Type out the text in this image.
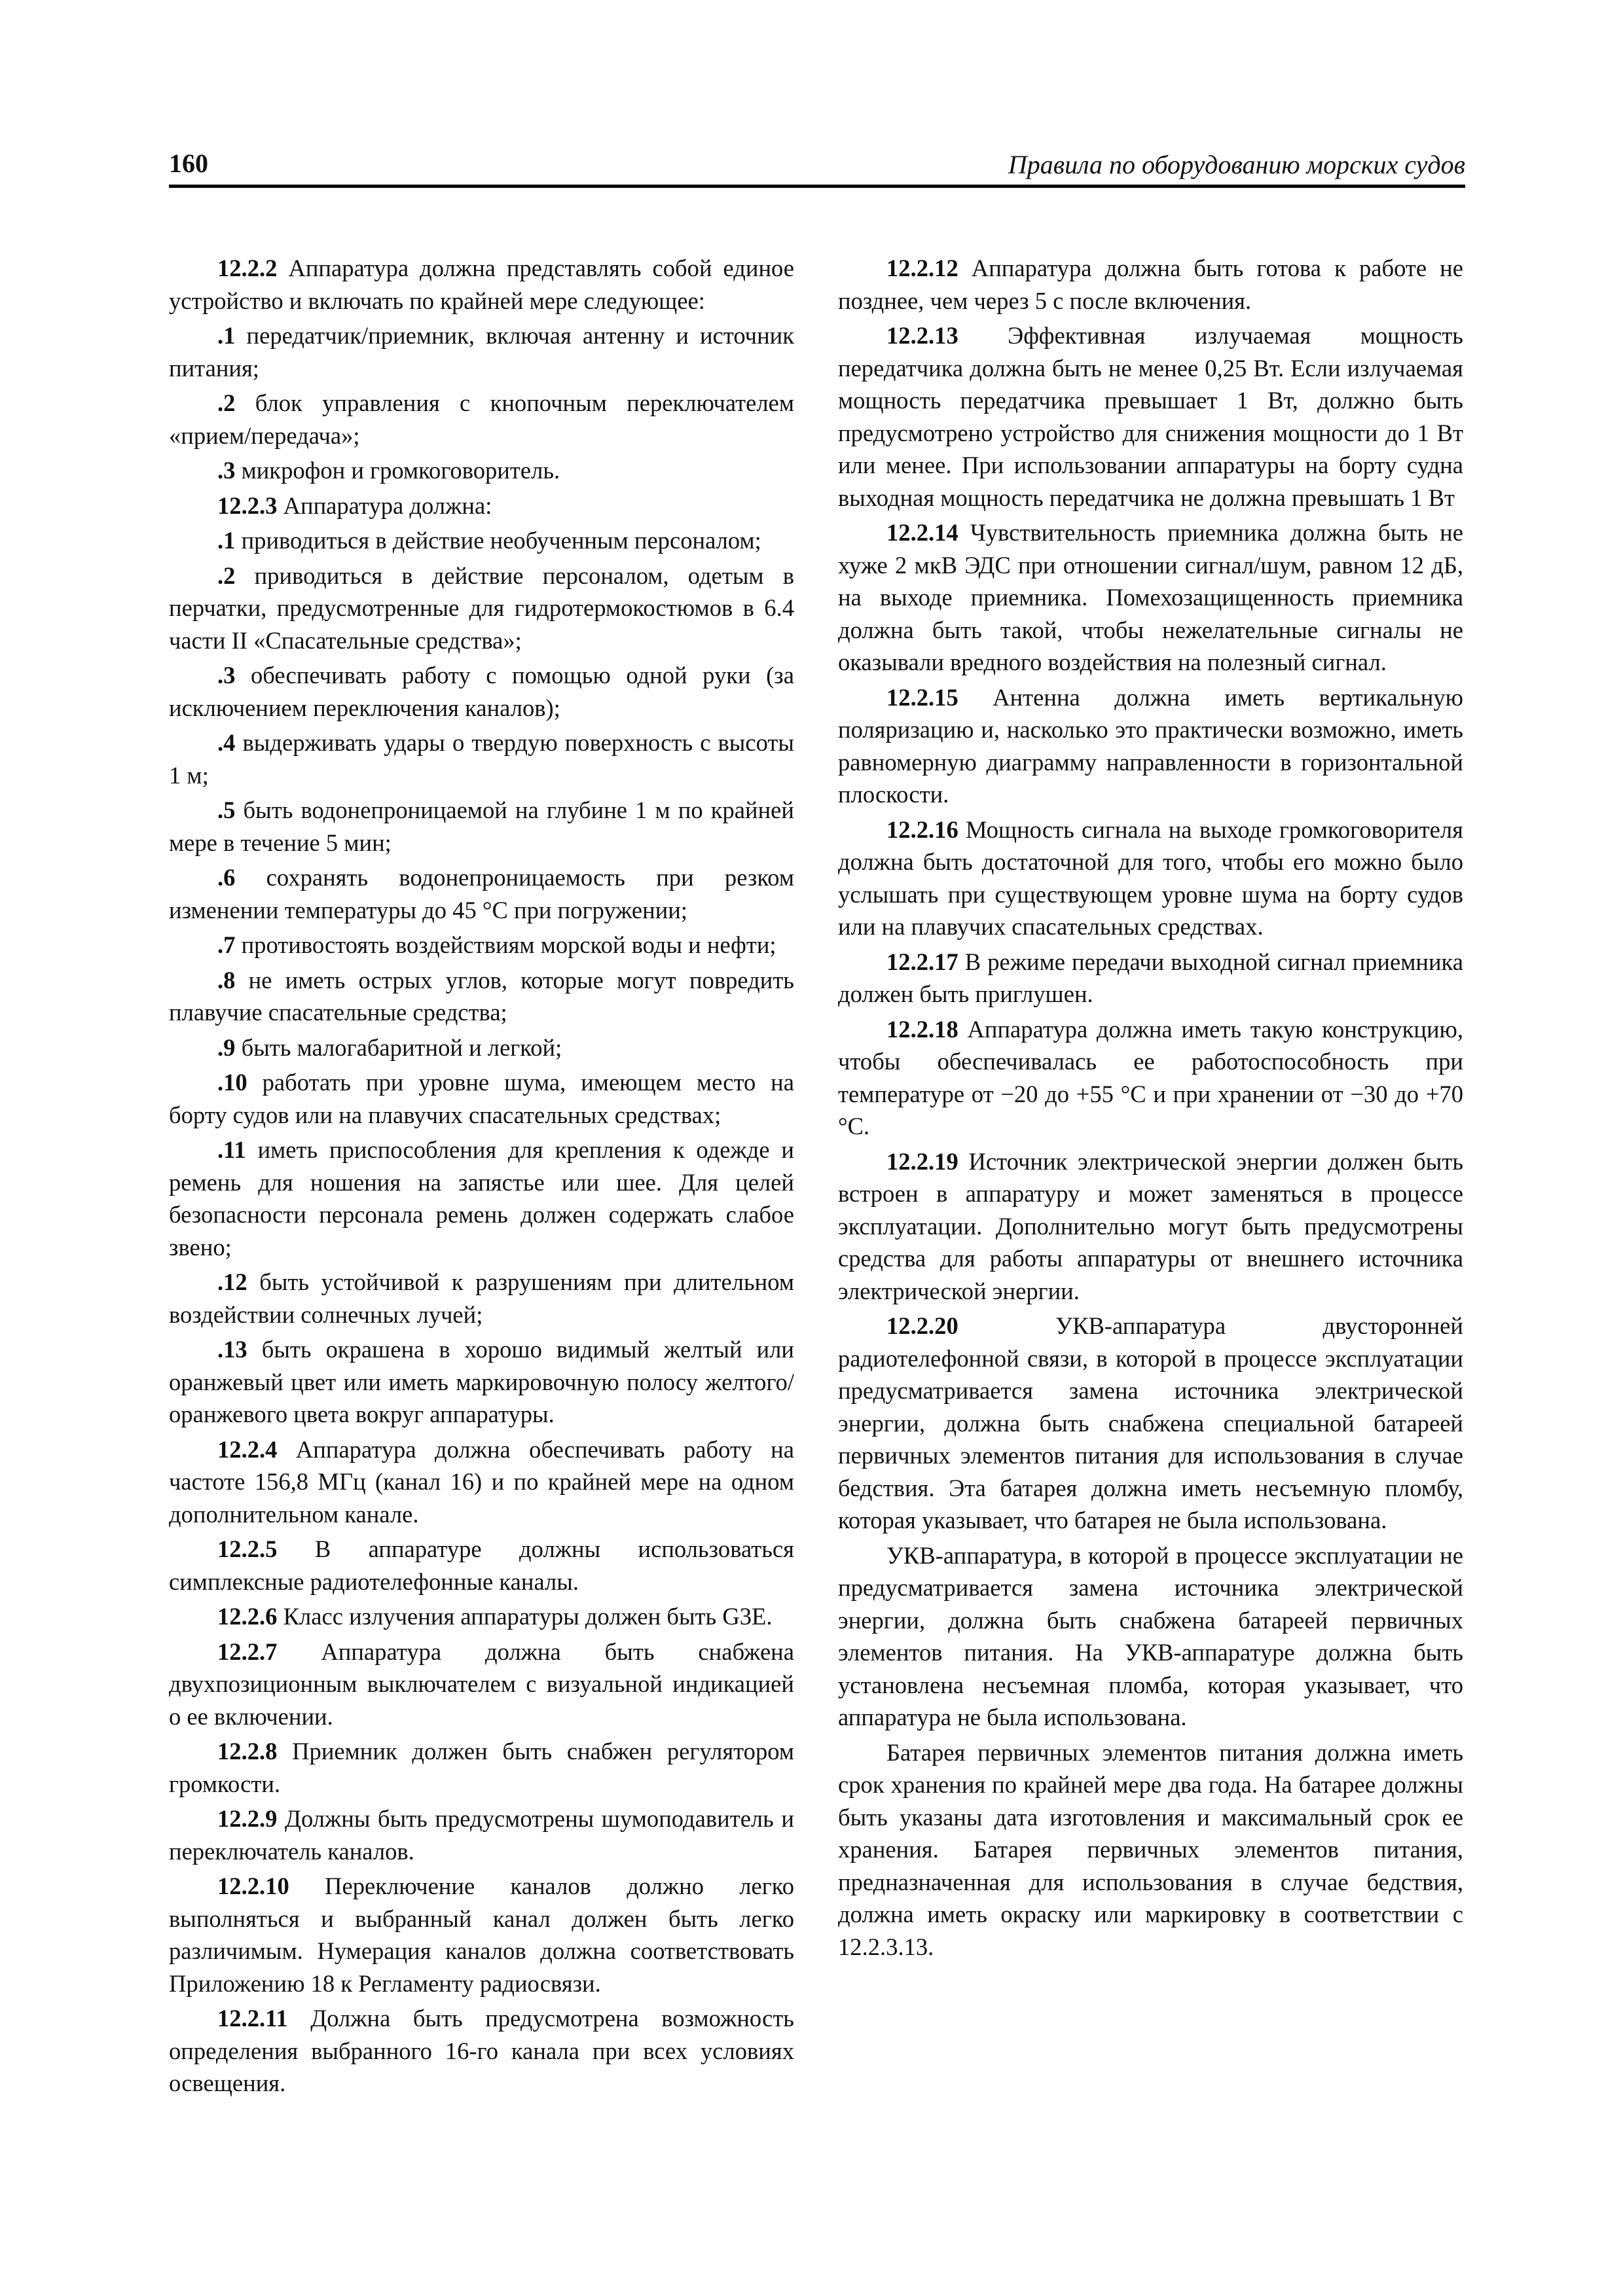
160	Правила по оборудованию морских судов

12.2.2 Аппаратура должна представлять собой единое устройство и включать по крайней мере следующее:

.1 передатчик/приемник, включая антенну и источник питания;

.2 блок управления с кнопочным переключателем «прием/передача»;

.3 микрофон и громкоговоритель.

12.2.3 Аппаратура должна:

.1 приводиться в действие необученным персоналом;

.2 приводиться в действие персоналом, одетым в перчатки, предусмотренные для гидротермокостюмов в 6.4 части II «Спасательные средства»;

.3 обеспечивать работу с помощью одной руки (за исключением переключения каналов);

.4 выдерживать удары о твердую поверхность с высоты 1 м;

.5 быть водонепроницаемой на глубине 1 м по крайней мере в течение 5 мин;

.6 сохранять водонепроницаемость при резком изменении температуры до 45 °С при погружении;

.7 противостоять воздействиям морской воды и нефти;

.8 не иметь острых углов, которые могут повредить плавучие спасательные средства;

.9 быть малогабаритной и легкой;

.10 работать при уровне шума, имеющем место на борту судов или на плавучих спасательных средствах;

.11 иметь приспособления для крепления к одежде и ремень для ношения на запястье или шее. Для целей безопасности персонала ремень должен содержать слабое звено;

.12 быть устойчивой к разрушениям при длительном воздействии солнечных лучей;

.13 быть окрашена в хорошо видимый желтый или оранжевый цвет или иметь маркировочную полосу желтого/оранжевого цвета вокруг аппаратуры.

12.2.4 Аппаратура должна обеспечивать работу на частоте 156,8 МГц (канал 16) и по крайней мере на одном дополнительном канале.

12.2.5 В аппаратуре должны использоваться симплексные радиотелефонные каналы.

12.2.6 Класс излучения аппаратуры должен быть G3E.

12.2.7 Аппаратура должна быть снабжена двухпозиционным выключателем с визуальной индикацией о ее включении.

12.2.8 Приемник должен быть снабжен регулятором громкости.

12.2.9 Должны быть предусмотрены шумоподавитель и переключатель каналов.

12.2.10 Переключение каналов должно легко выполняться и выбранный канал должен быть легко различимым. Нумерация каналов должна соответствовать Приложению 18 к Регламенту радиосвязи.

12.2.11 Должна быть предусмотрена возможность определения выбранного 16-го канала при всех условиях освещения.

12.2.12 Аппаратура должна быть готова к работе не позднее, чем через 5 с после включения.

12.2.13 Эффективная излучаемая мощность передатчика должна быть не менее 0,25 Вт. Если излучаемая мощность передатчика превышает 1 Вт, должно быть предусмотрено устройство для снижения мощности до 1 Вт или менее. При использовании аппаратуры на борту судна выходная мощность передатчика не должна превышать 1 Вт

12.2.14 Чувствительность приемника должна быть не хуже 2 мкВ ЭДС при отношении сигнал/шум, равном 12 дБ, на выходе приемника. Помехозащищенность приемника должна быть такой, чтобы нежелательные сигналы не оказывали вредного воздействия на полезный сигнал.

12.2.15 Антенна должна иметь вертикальную поляризацию и, насколько это практически возможно, иметь равномерную диаграмму направленности в горизонтальной плоскости.

12.2.16 Мощность сигнала на выходе громкоговорителя должна быть достаточной для того, чтобы его можно было услышать при существующем уровне шума на борту судов или на плавучих спасательных средствах.

12.2.17 В режиме передачи выходной сигнал приемника должен быть приглушен.

12.2.18 Аппаратура должна иметь такую конструкцию, чтобы обеспечивалась ее работоспособность при температуре от −20 до +55 °С и при хранении от −30 до +70 °С.

12.2.19 Источник электрической энергии должен быть встроен в аппаратуру и может заменяться в процессе эксплуатации. Дополнительно могут быть предусмотрены средства для работы аппаратуры от внешнего источника электрической энергии.

12.2.20 УКВ-аппаратура двусторонней радиотелефонной связи, в которой в процессе эксплуатации предусматривается замена источника электрической энергии, должна быть снабжена специальной батареей первичных элементов питания для использования в случае бедствия. Эта батарея должна иметь несъемную пломбу, которая указывает, что батарея не была использована.

УКВ-аппаратура, в которой в процессе эксплуатации не предусматривается замена источника электрической энергии, должна быть снабжена батареей первичных элементов питания. На УКВ-аппаратуре должна быть установлена несъемная пломба, которая указывает, что аппаратура не была использована.

Батарея первичных элементов питания должна иметь срок хранения по крайней мере два года. На батарее должны быть указаны дата изготовления и максимальный срок ее хранения. Батарея первичных элементов питания, предназначенная для использования в случае бедствия, должна иметь окраску или маркировку в соответствии с 12.2.3.13.
